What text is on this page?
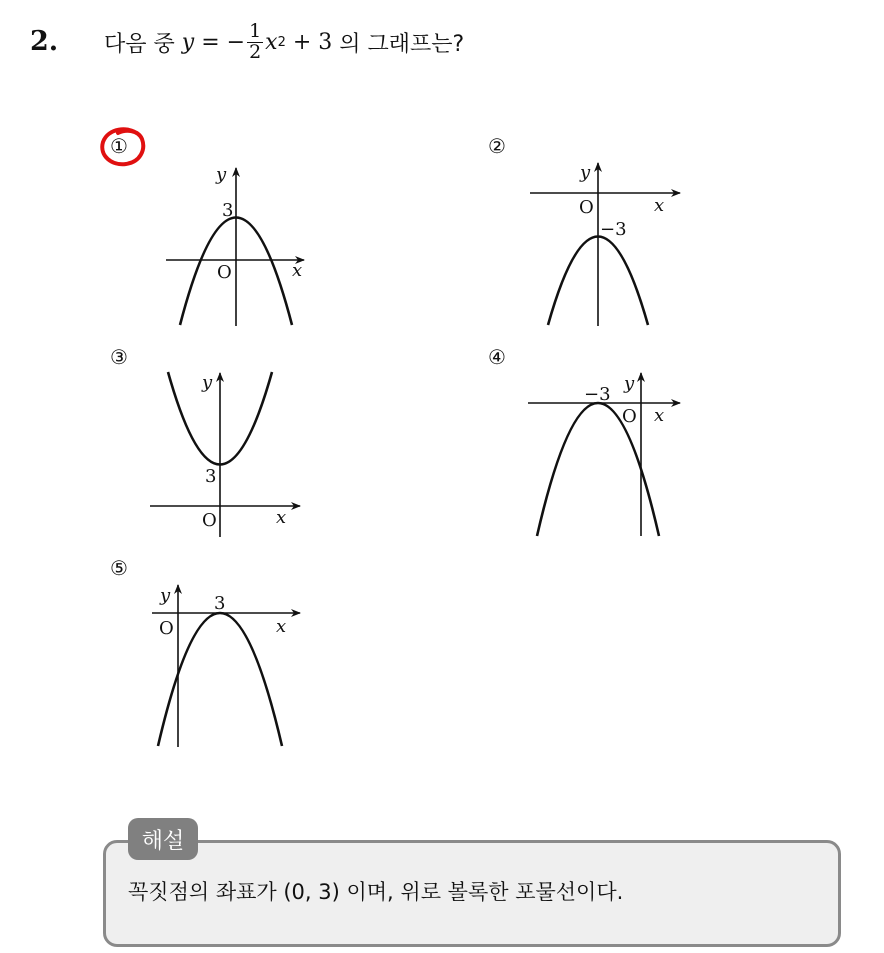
2. 다음 중 y = − $\frac{1}{2}$ x 2 + 3 의 그래프는?
①	②
③	④
⑤
y
x
O
3
y
x
O
−3
y
x
O
3
y
x
O
−3
y
x
O
3
해설
꼭짓점의 좌표가 (0, 3) 이며, 위로 볼록한 포물선이다.
